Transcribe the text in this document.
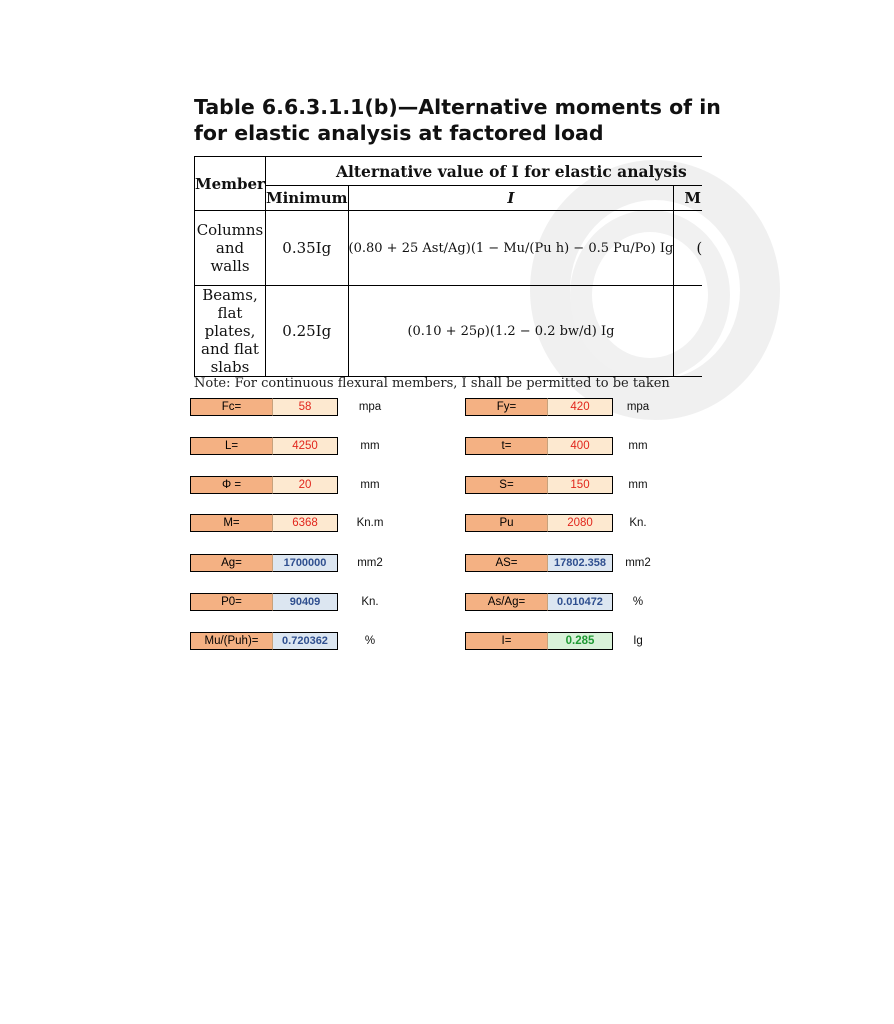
Table 6.6.3.1.1(b)—Alternative moments of in
for elastic analysis at factored load
Member	Alternative value of I for elastic analysis		
	Minimum	I	M
Columns and walls	0.35Ig	(0.80 + 25 Ast/Ag)(1 − Mu/(Pu h) − 0.5 Pu/Po) Ig	(
Beams, flat plates, and flat slabs	0.25Ig	(0.10 + 25ρ)(1.2 − 0.2 bw/d) Ig	
Note: For continuous flexural members, I shall be permitted to be taken
Fc=	58	mpa
L=	4250	mm
Φ =	20	mm
M=	6368	Kn.m
Ag=	1700000	mm2
P0=	90409	Kn.
Mu/(Puh)=	0.720362	%
Fy=	420	mpa
t=	400	mm
S=	150	mm
Pu	2080	Kn.
AS=	17802.358	mm2
As/Ag=	0.010472	%
I=	0.285	Ig
